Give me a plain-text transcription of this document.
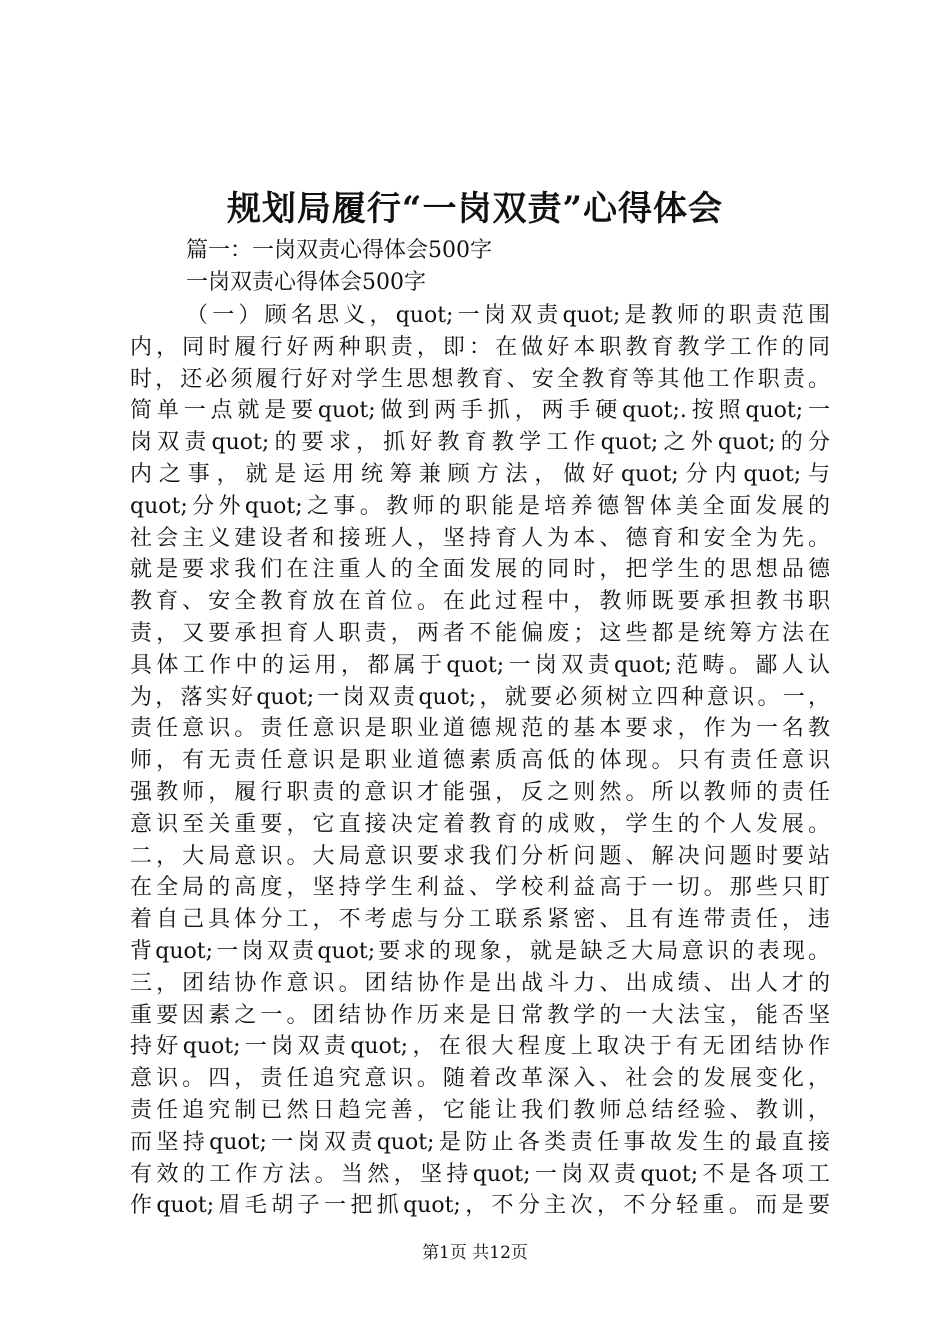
规划局履行“一岗双责”心得体会
篇一：一岗双责心得体会500字
一岗双责心得体会500字
（一）顾名思义，quot;一岗双责quot;是教师的职责范围
内，同时履行好两种职责，即：在做好本职教育教学工作的同
时，还必须履行好对学生思想教育、安全教育等其他工作职责。
简单一点就是要quot;做到两手抓，两手硬quot;.按照quot;一
岗双责quot;的要求，抓好教育教学工作quot;之外quot;的分
内之事，就是运用统筹兼顾方法，做好quot;分内quot;与
quot;分外quot;之事。教师的职能是培养德智体美全面发展的
社会主义建设者和接班人，坚持育人为本、德育和安全为先。
就是要求我们在注重人的全面发展的同时，把学生的思想品德
教育、安全教育放在首位。在此过程中，教师既要承担教书职
责，又要承担育人职责，两者不能偏废；这些都是统筹方法在
具体工作中的运用，都属于quot;一岗双责quot;范畴。鄙人认
为，落实好quot;一岗双责quot;，就要必须树立四种意识。一，
责任意识。责任意识是职业道德规范的基本要求，作为一名教
师，有无责任意识是职业道德素质高低的体现。只有责任意识
强教师，履行职责的意识才能强，反之则然。所以教师的责任
意识至关重要，它直接决定着教育的成败，学生的个人发展。
二，大局意识。大局意识要求我们分析问题、解决问题时要站
在全局的高度，坚持学生利益、学校利益高于一切。那些只盯
着自己具体分工，不考虑与分工联系紧密、且有连带责任，违
背quot;一岗双责quot;要求的现象，就是缺乏大局意识的表现。
三，团结协作意识。团结协作是出战斗力、出成绩、出人才的
重要因素之一。团结协作历来是日常教学的一大法宝，能否坚
持好quot;一岗双责quot;，在很大程度上取决于有无团结协作
意识。四，责任追究意识。随着改革深入、社会的发展变化，
责任追究制已然日趋完善，它能让我们教师总结经验、教训，
而坚持quot;一岗双责quot;是防止各类责任事故发生的最直接
有效的工作方法。当然，坚持quot;一岗双责quot;不是各项工
作quot;眉毛胡子一把抓quot;，不分主次，不分轻重。而是要
第1页 共12页
